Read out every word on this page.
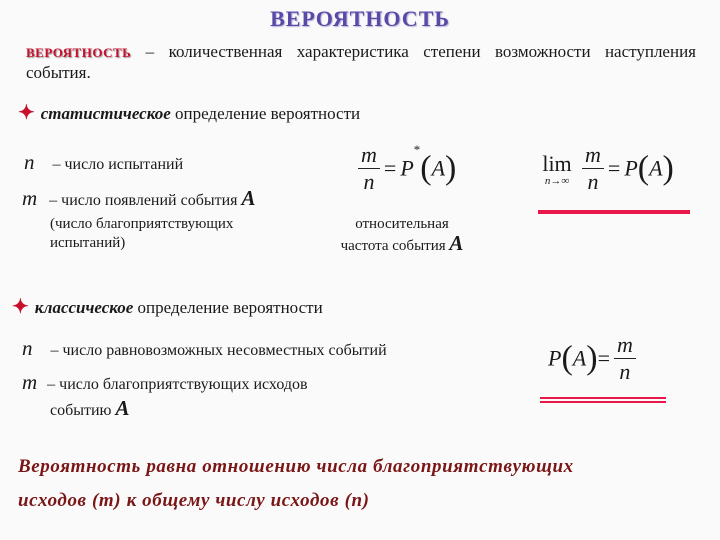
ВЕРОЯТНОСТЬ
ВЕРОЯТНОСТЬ – количественная характеристика степени возможности наступления события.
✦ статистическое определение вероятности
n – число испытаний
m – число появлений события A
(число благоприятствующих
испытаний)
относительная
частота события A
$\frac{m}{n} = P^*(A)$	lim
n→∞
$\frac{m}{n} = P(A)$
✦ классическое определение вероятности
n – число равновозможных несовместных событий
m – число благоприятствующих исходов
событию A
$P(A)= \frac{m}{n}$
Вероятность равна отношению числа благоприятствующих
исходов (m) к общему числу исходов (n)
